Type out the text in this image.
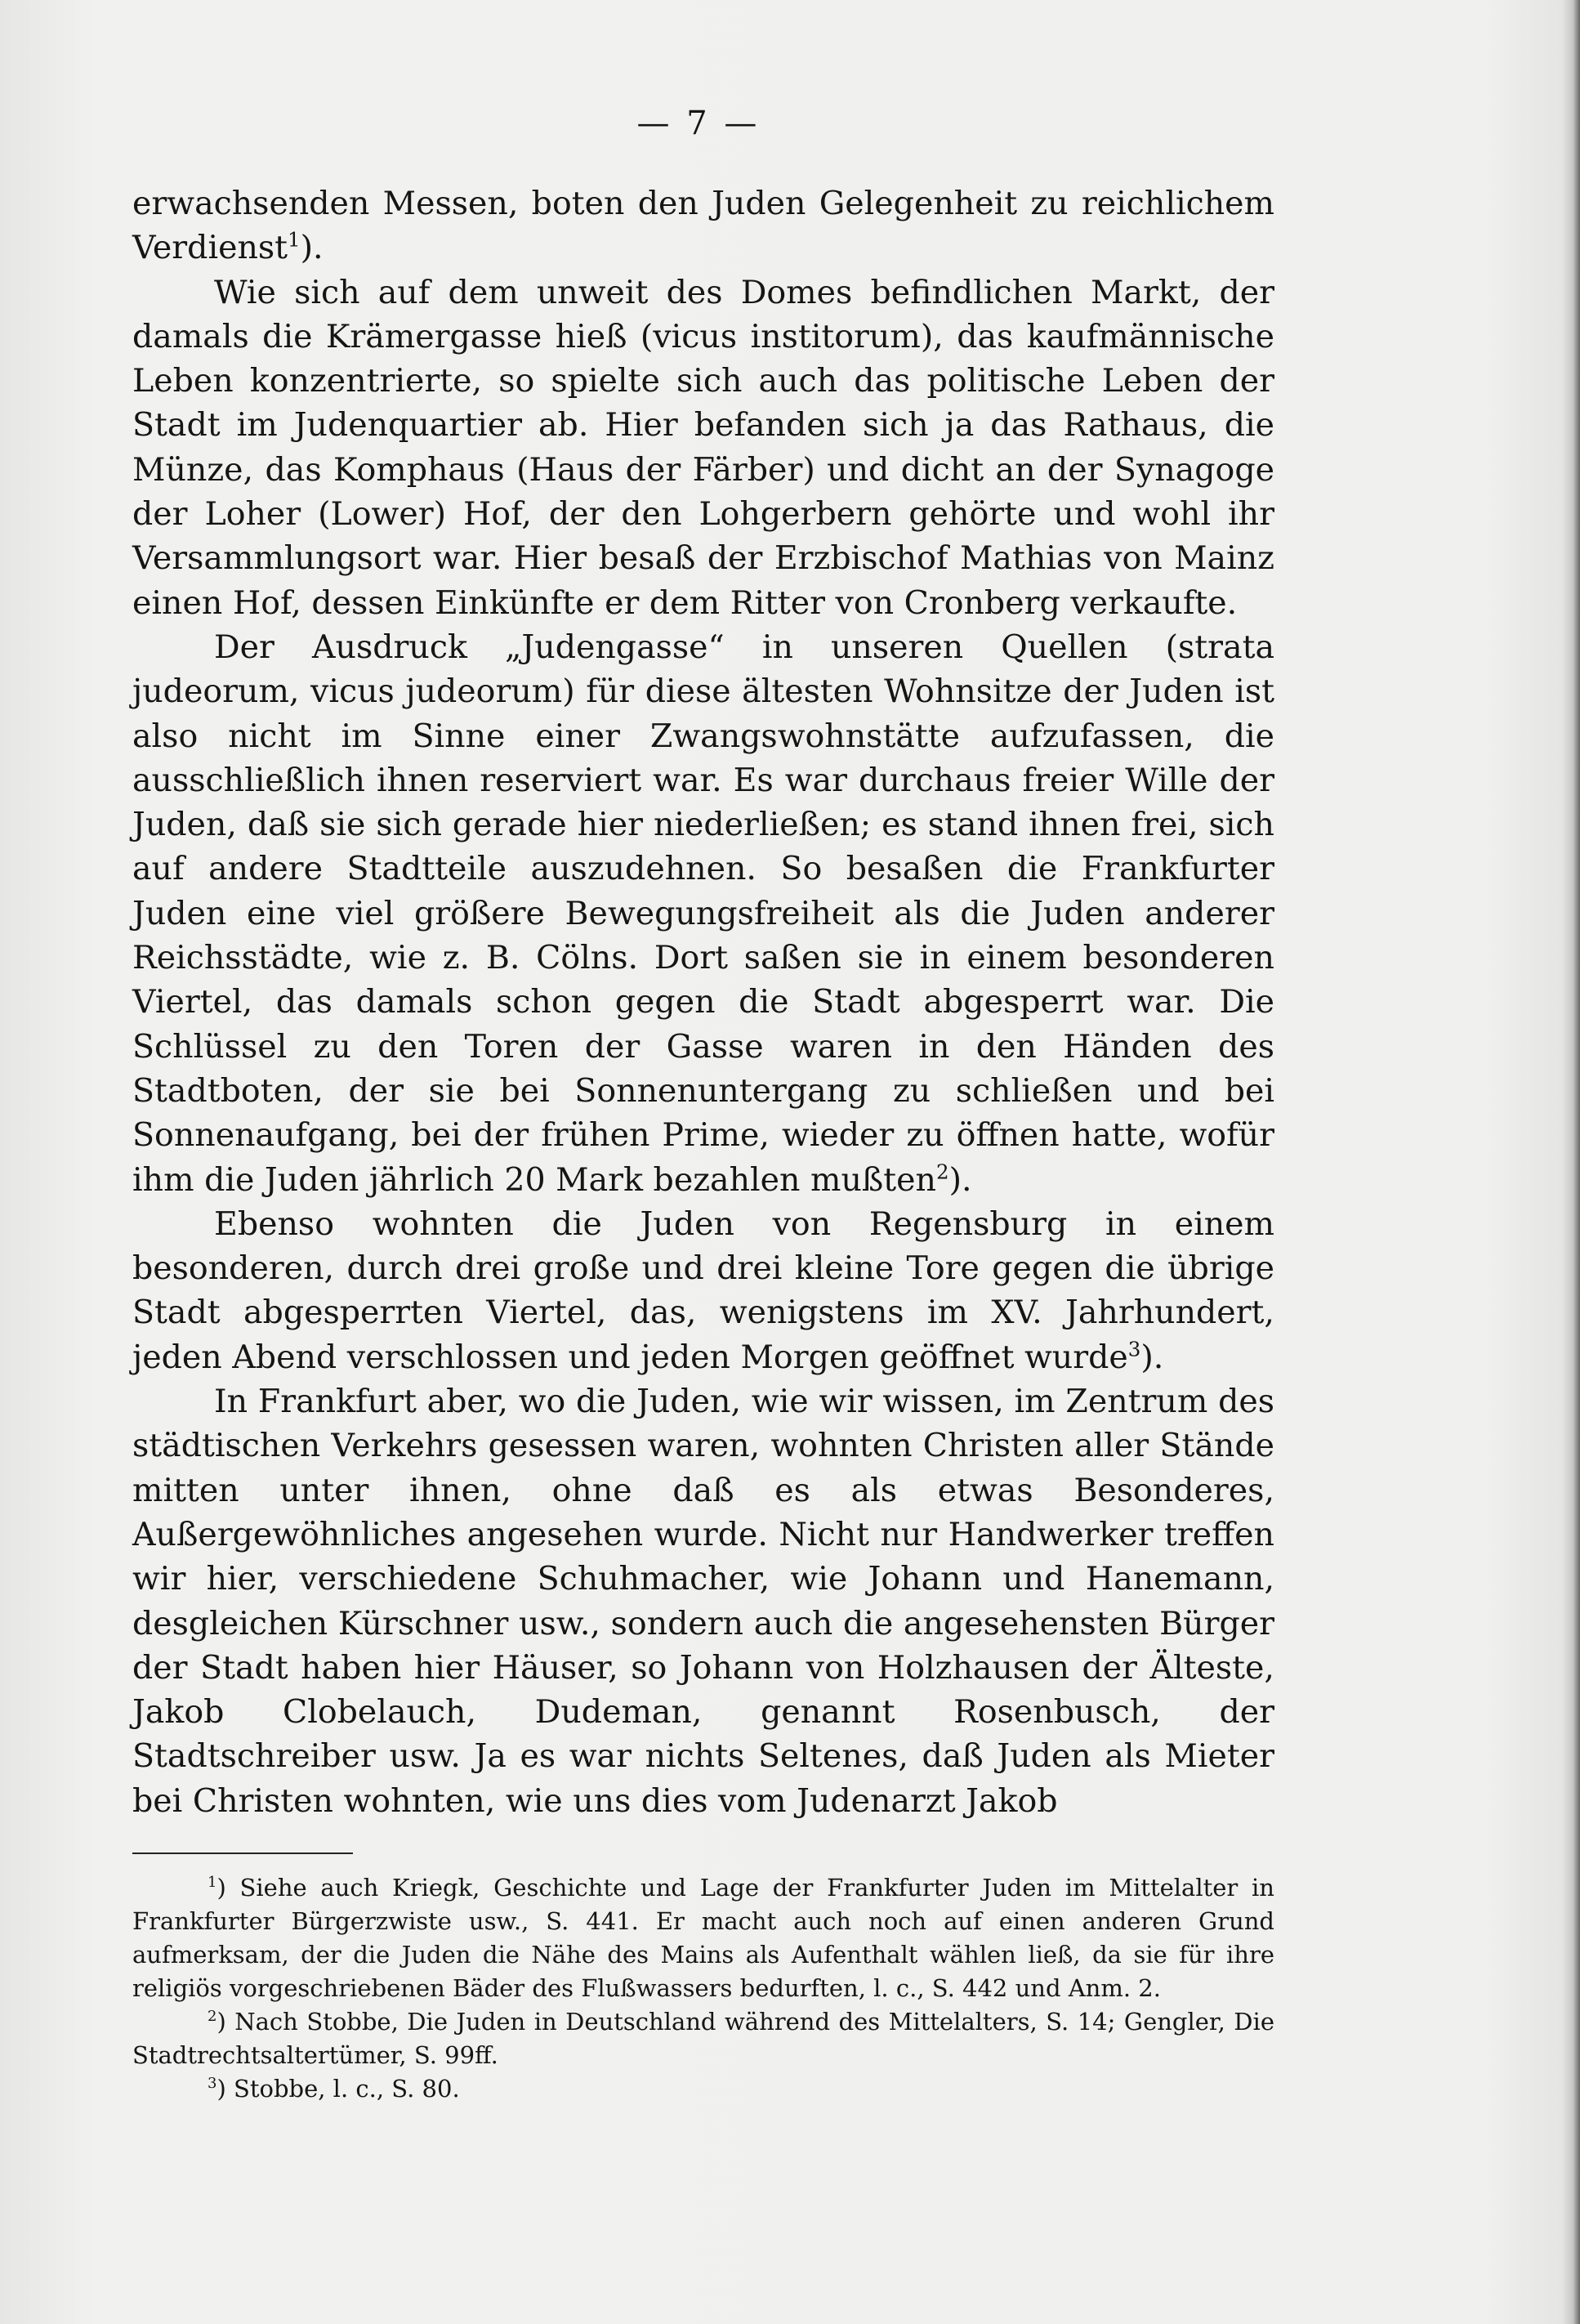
— 7 —

erwachsenden Messen, boten den Juden Gelegenheit zu reichlichem Verdienst$^1$).

Wie sich auf dem unweit des Domes befindlichen Markt, der damals die Krämergasse hieß (vicus institorum), das kaufmännische Leben konzentrierte, so spielte sich auch das politische Leben der Stadt im Judenquartier ab. Hier befanden sich ja das Rathaus, die Münze, das Komphaus (Haus der Färber) und dicht an der Synagoge der Loher (Lower) Hof, der den Lohgerbern gehörte und wohl ihr Versammlungsort war. Hier besaß der Erzbischof Mathias von Mainz einen Hof, dessen Einkünfte er dem Ritter von Cronberg verkaufte.

Der Ausdruck „Judengasse“ in unseren Quellen (strata judeorum, vicus judeorum) für diese ältesten Wohnsitze der Juden ist also nicht im Sinne einer Zwangswohnstätte aufzufassen, die ausschließlich ihnen reserviert war. Es war durchaus freier Wille der Juden, daß sie sich gerade hier niederließen; es stand ihnen frei, sich auf andere Stadtteile auszudehnen. So besaßen die Frankfurter Juden eine viel größere Bewegungsfreiheit als die Juden anderer Reichsstädte, wie z. B. Cölns. Dort saßen sie in einem besonderen Viertel, das damals schon gegen die Stadt abgesperrt war. Die Schlüssel zu den Toren der Gasse waren in den Händen des Stadtboten, der sie bei Sonnenuntergang zu schließen und bei Sonnenaufgang, bei der frühen Prime, wieder zu öffnen hatte, wofür ihm die Juden jährlich 20 Mark bezahlen mußten$^2$).

Ebenso wohnten die Juden von Regensburg in einem besonderen, durch drei große und drei kleine Tore gegen die übrige Stadt abgesperrten Viertel, das, wenigstens im XV. Jahrhundert, jeden Abend verschlossen und jeden Morgen geöffnet wurde$^3$).

In Frankfurt aber, wo die Juden, wie wir wissen, im Zentrum des städtischen Verkehrs gesessen waren, wohnten Christen aller Stände mitten unter ihnen, ohne daß es als etwas Besonderes, Außergewöhnliches angesehen wurde. Nicht nur Handwerker treffen wir hier, verschiedene Schuhmacher, wie Johann und Hanemann, desgleichen Kürschner usw., sondern auch die angesehensten Bürger der Stadt haben hier Häuser, so Johann von Holzhausen der Älteste, Jakob Clobelauch, Dudeman, genannt Rosenbusch, der Stadtschreiber usw. Ja es war nichts Seltenes, daß Juden als Mieter bei Christen wohnten, wie uns dies vom Judenarzt Jakob

$^1$) Siehe auch Kriegk, Geschichte und Lage der Frankfurter Juden im Mittelalter in Frankfurter Bürgerzwiste usw., S. 441. Er macht auch noch auf einen anderen Grund aufmerksam, der die Juden die Nähe des Mains als Aufenthalt wählen ließ, da sie für ihre religiös vorgeschriebenen Bäder des Flußwassers bedurften, l. c., S. 442 und Anm. 2.

$^2$) Nach Stobbe, Die Juden in Deutschland während des Mittelalters, S. 14; Gengler, Die Stadtrechtsaltertümer, S. 99ff.

$^3$) Stobbe, l. c., S. 80.
